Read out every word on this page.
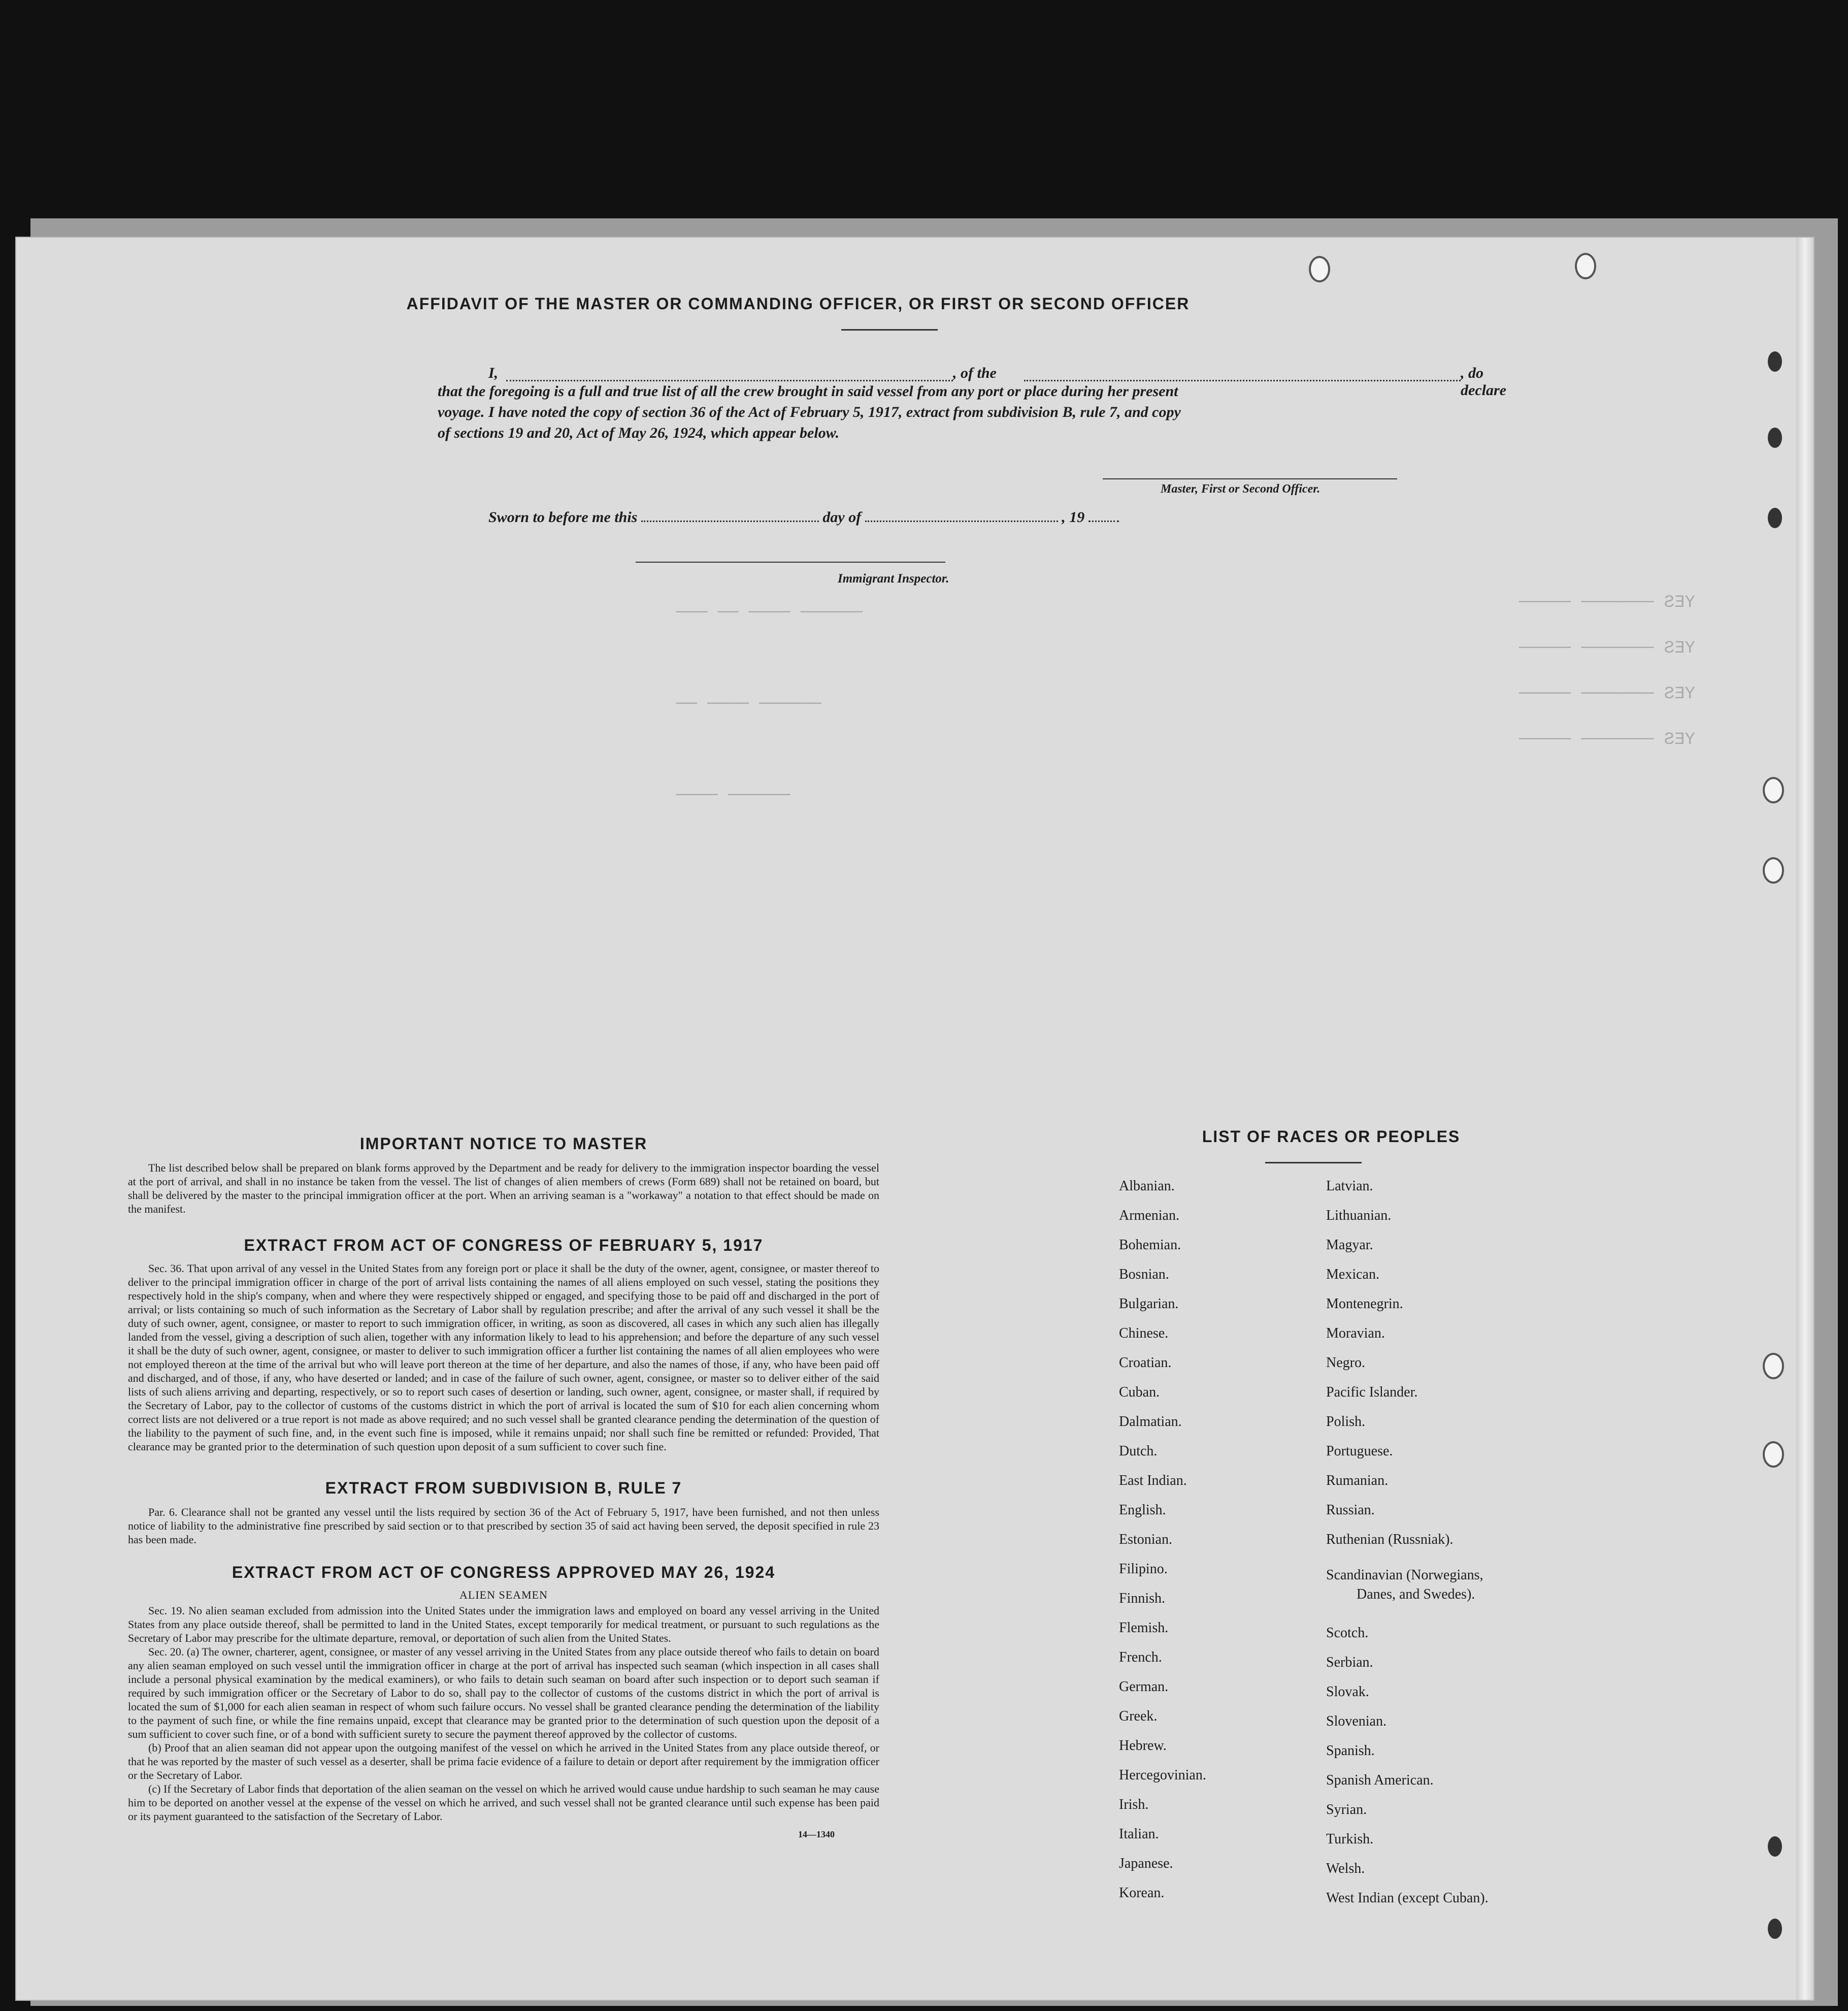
YES ─────── ─────
YES ─────── ─────
YES ─────── ─────
YES ─────── ─────
────── ──── ── ───
────── ──── ──
────── ────
AFFIDAVIT OF THE MASTER OR COMMANDING OFFICER, OR FIRST OR SECOND OFFICER
I,	, of the	, do declare
that the foregoing is a full and true list of all the crew brought in said vessel from any port or place during her present
voyage. I have noted the copy of section 36 of the Act of February 5, 1917, extract from subdivision B, rule 7, and copy
of sections 19 and 20, Act of May 26, 1924, which appear below.
Master, First or Second Officer.
Sworn to before me this	day of	, 19
Immigrant Inspector.
IMPORTANT NOTICE TO MASTER
The list described below shall be prepared on blank forms approved by the Department and be ready for delivery to the immigration inspector boarding the vessel at the port of arrival, and shall in no instance be taken from the vessel. The list of changes of alien members of crews (Form 689) shall not be retained on board, but shall be delivered by the master to the principal immigration officer at the port. When an arriving seaman is a "workaway" a notation to that effect should be made on the manifest.
EXTRACT FROM ACT OF CONGRESS OF FEBRUARY 5, 1917
Sec. 36. That upon arrival of any vessel in the United States from any foreign port or place it shall be the duty of the owner, agent, consignee, or master thereof to deliver to the principal immigration officer in charge of the port of arrival lists containing the names of all aliens employed on such vessel, stating the positions they respectively hold in the ship's company, when and where they were respectively shipped or engaged, and specifying those to be paid off and discharged in the port of arrival; or lists containing so much of such information as the Secretary of Labor shall by regulation prescribe; and after the arrival of any such vessel it shall be the duty of such owner, agent, consignee, or master to report to such immigration officer, in writing, as soon as discovered, all cases in which any such alien has illegally landed from the vessel, giving a description of such alien, together with any information likely to lead to his apprehension; and before the departure of any such vessel it shall be the duty of such owner, agent, consignee, or master to deliver to such immigration officer a further list containing the names of all alien employees who were not employed thereon at the time of the arrival but who will leave port thereon at the time of her departure, and also the names of those, if any, who have been paid off and discharged, and of those, if any, who have deserted or landed; and in case of the failure of such owner, agent, consignee, or master so to deliver either of the said lists of such aliens arriving and departing, respectively, or so to report such cases of desertion or landing, such owner, agent, consignee, or master shall, if required by the Secretary of Labor, pay to the collector of customs of the customs district in which the port of arrival is located the sum of $10 for each alien concerning whom correct lists are not delivered or a true report is not made as above required; and no such vessel shall be granted clearance pending the determination of the question of the liability to the payment of such fine, and, in the event such fine is imposed, while it remains unpaid; nor shall such fine be remitted or refunded: Provided, That clearance may be granted prior to the determination of such question upon deposit of a sum sufficient to cover such fine.
EXTRACT FROM SUBDIVISION B, RULE 7
Par. 6. Clearance shall not be granted any vessel until the lists required by section 36 of the Act of February 5, 1917, have been furnished, and not then unless notice of liability to the administrative fine prescribed by said section or to that prescribed by section 35 of said act having been served, the deposit specified in rule 23 has been made.
EXTRACT FROM ACT OF CONGRESS APPROVED MAY 26, 1924
ALIEN SEAMEN
Sec. 19. No alien seaman excluded from admission into the United States under the immigration laws and employed on board any vessel arriving in the United States from any place outside thereof, shall be permitted to land in the United States, except temporarily for medical treatment, or pursuant to such regulations as the Secretary of Labor may prescribe for the ultimate departure, removal, or deportation of such alien from the United States.
Sec. 20. (a) The owner, charterer, agent, consignee, or master of any vessel arriving in the United States from any place outside thereof who fails to detain on board any alien seaman employed on such vessel until the immigration officer in charge at the port of arrival has inspected such seaman (which inspection in all cases shall include a personal physical examination by the medical examiners), or who fails to detain such seaman on board after such inspection or to deport such seaman if required by such immigration officer or the Secretary of Labor to do so, shall pay to the collector of customs of the customs district in which the port of arrival is located the sum of $1,000 for each alien seaman in respect of whom such failure occurs. No vessel shall be granted clearance pending the determination of the liability to the payment of such fine, or while the fine remains unpaid, except that clearance may be granted prior to the determination of such question upon the deposit of a sum sufficient to cover such fine, or of a bond with sufficient surety to secure the payment thereof approved by the collector of customs.
(b) Proof that an alien seaman did not appear upon the outgoing manifest of the vessel on which he arrived in the United States from any place outside thereof, or that he was reported by the master of such vessel as a deserter, shall be prima facie evidence of a failure to detain or deport after requirement by the immigration officer or the Secretary of Labor.
(c) If the Secretary of Labor finds that deportation of the alien seaman on the vessel on which he arrived would cause undue hardship to such seaman he may cause him to be deported on another vessel at the expense of the vessel on which he arrived, and such vessel shall not be granted clearance until such expense has been paid or its payment guaranteed to the satisfaction of the Secretary of Labor.
14—1340
LIST OF RACES OR PEOPLES
Albanian.
Armenian.
Bohemian.
Bosnian.
Bulgarian.
Chinese.
Croatian.
Cuban.
Dalmatian.
Dutch.
East Indian.
English.
Estonian.
Filipino.
Finnish.
Flemish.
French.
German.
Greek.
Hebrew.
Hercegovinian.
Irish.
Italian.
Japanese.
Korean.
Latvian.
Lithuanian.
Magyar.
Mexican.
Montenegrin.
Moravian.
Negro.
Pacific Islander.
Polish.
Portuguese.
Rumanian.
Russian.
Ruthenian (Russniak).
Scandinavian (Norwegians,
Danes, and Swedes).
Scotch.
Serbian.
Slovak.
Slovenian.
Spanish.
Spanish American.
Syrian.
Turkish.
Welsh.
West Indian (except Cuban).
